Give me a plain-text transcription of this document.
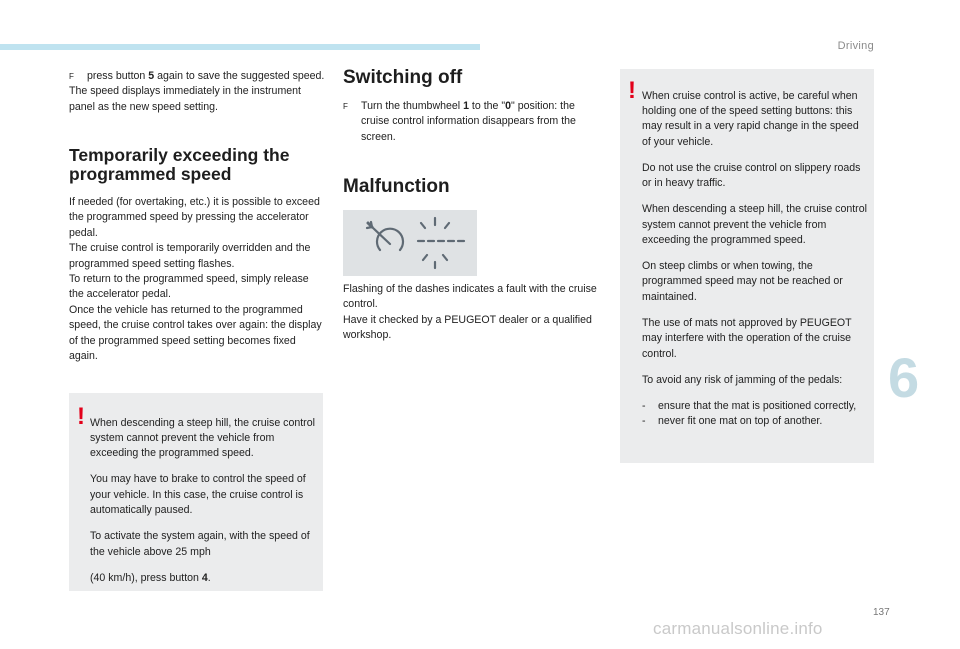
Driving
F	press button 5 again to save the suggested speed.

The speed displays immediately in the instrument panel as the new speed setting.

Temporarily exceeding the programmed speed

If needed (for overtaking, etc.) it is possible to exceed the programmed speed by pressing the accelerator pedal.

The cruise control is temporarily overridden and the programmed speed setting flashes.

To return to the programmed speed, simply release the accelerator pedal.

Once the vehicle has returned to the programmed speed, the cruise control takes over again: the display of the programmed speed setting becomes fixed again.

! When descending a steep hill, the cruise control system cannot prevent the vehicle from exceeding the programmed speed.

You may have to brake to control the speed of your vehicle. In this case, the cruise control is automatically paused.

To activate the system again, with the speed of the vehicle above 25 mph

(40 km/h), press button 4.

Switching off
F	Turn the thumbwheel 1 to the "0" position: the cruise control information disappears from the screen.
Malfunction

Flashing of the dashes indicates a fault with the cruise control.

Have it checked by a PEUGEOT dealer or a qualified workshop.

! When cruise control is active, be careful when holding one of the speed setting buttons: this may result in a very rapid change in the speed of your vehicle.

Do not use the cruise control on slippery roads or in heavy traffic.

When descending a steep hill, the cruise control system cannot prevent the vehicle from exceeding the programmed speed.

On steep climbs or when towing, the programmed speed may not be reached or maintained.

The use of mats not approved by PEUGEOT may interfere with the operation of the cruise control.

To avoid any risk of jamming of the pedals:

-	ensure that the mat is positioned correctly,
-	never fit one mat on top of another.
6
137
carmanualsonline.info
